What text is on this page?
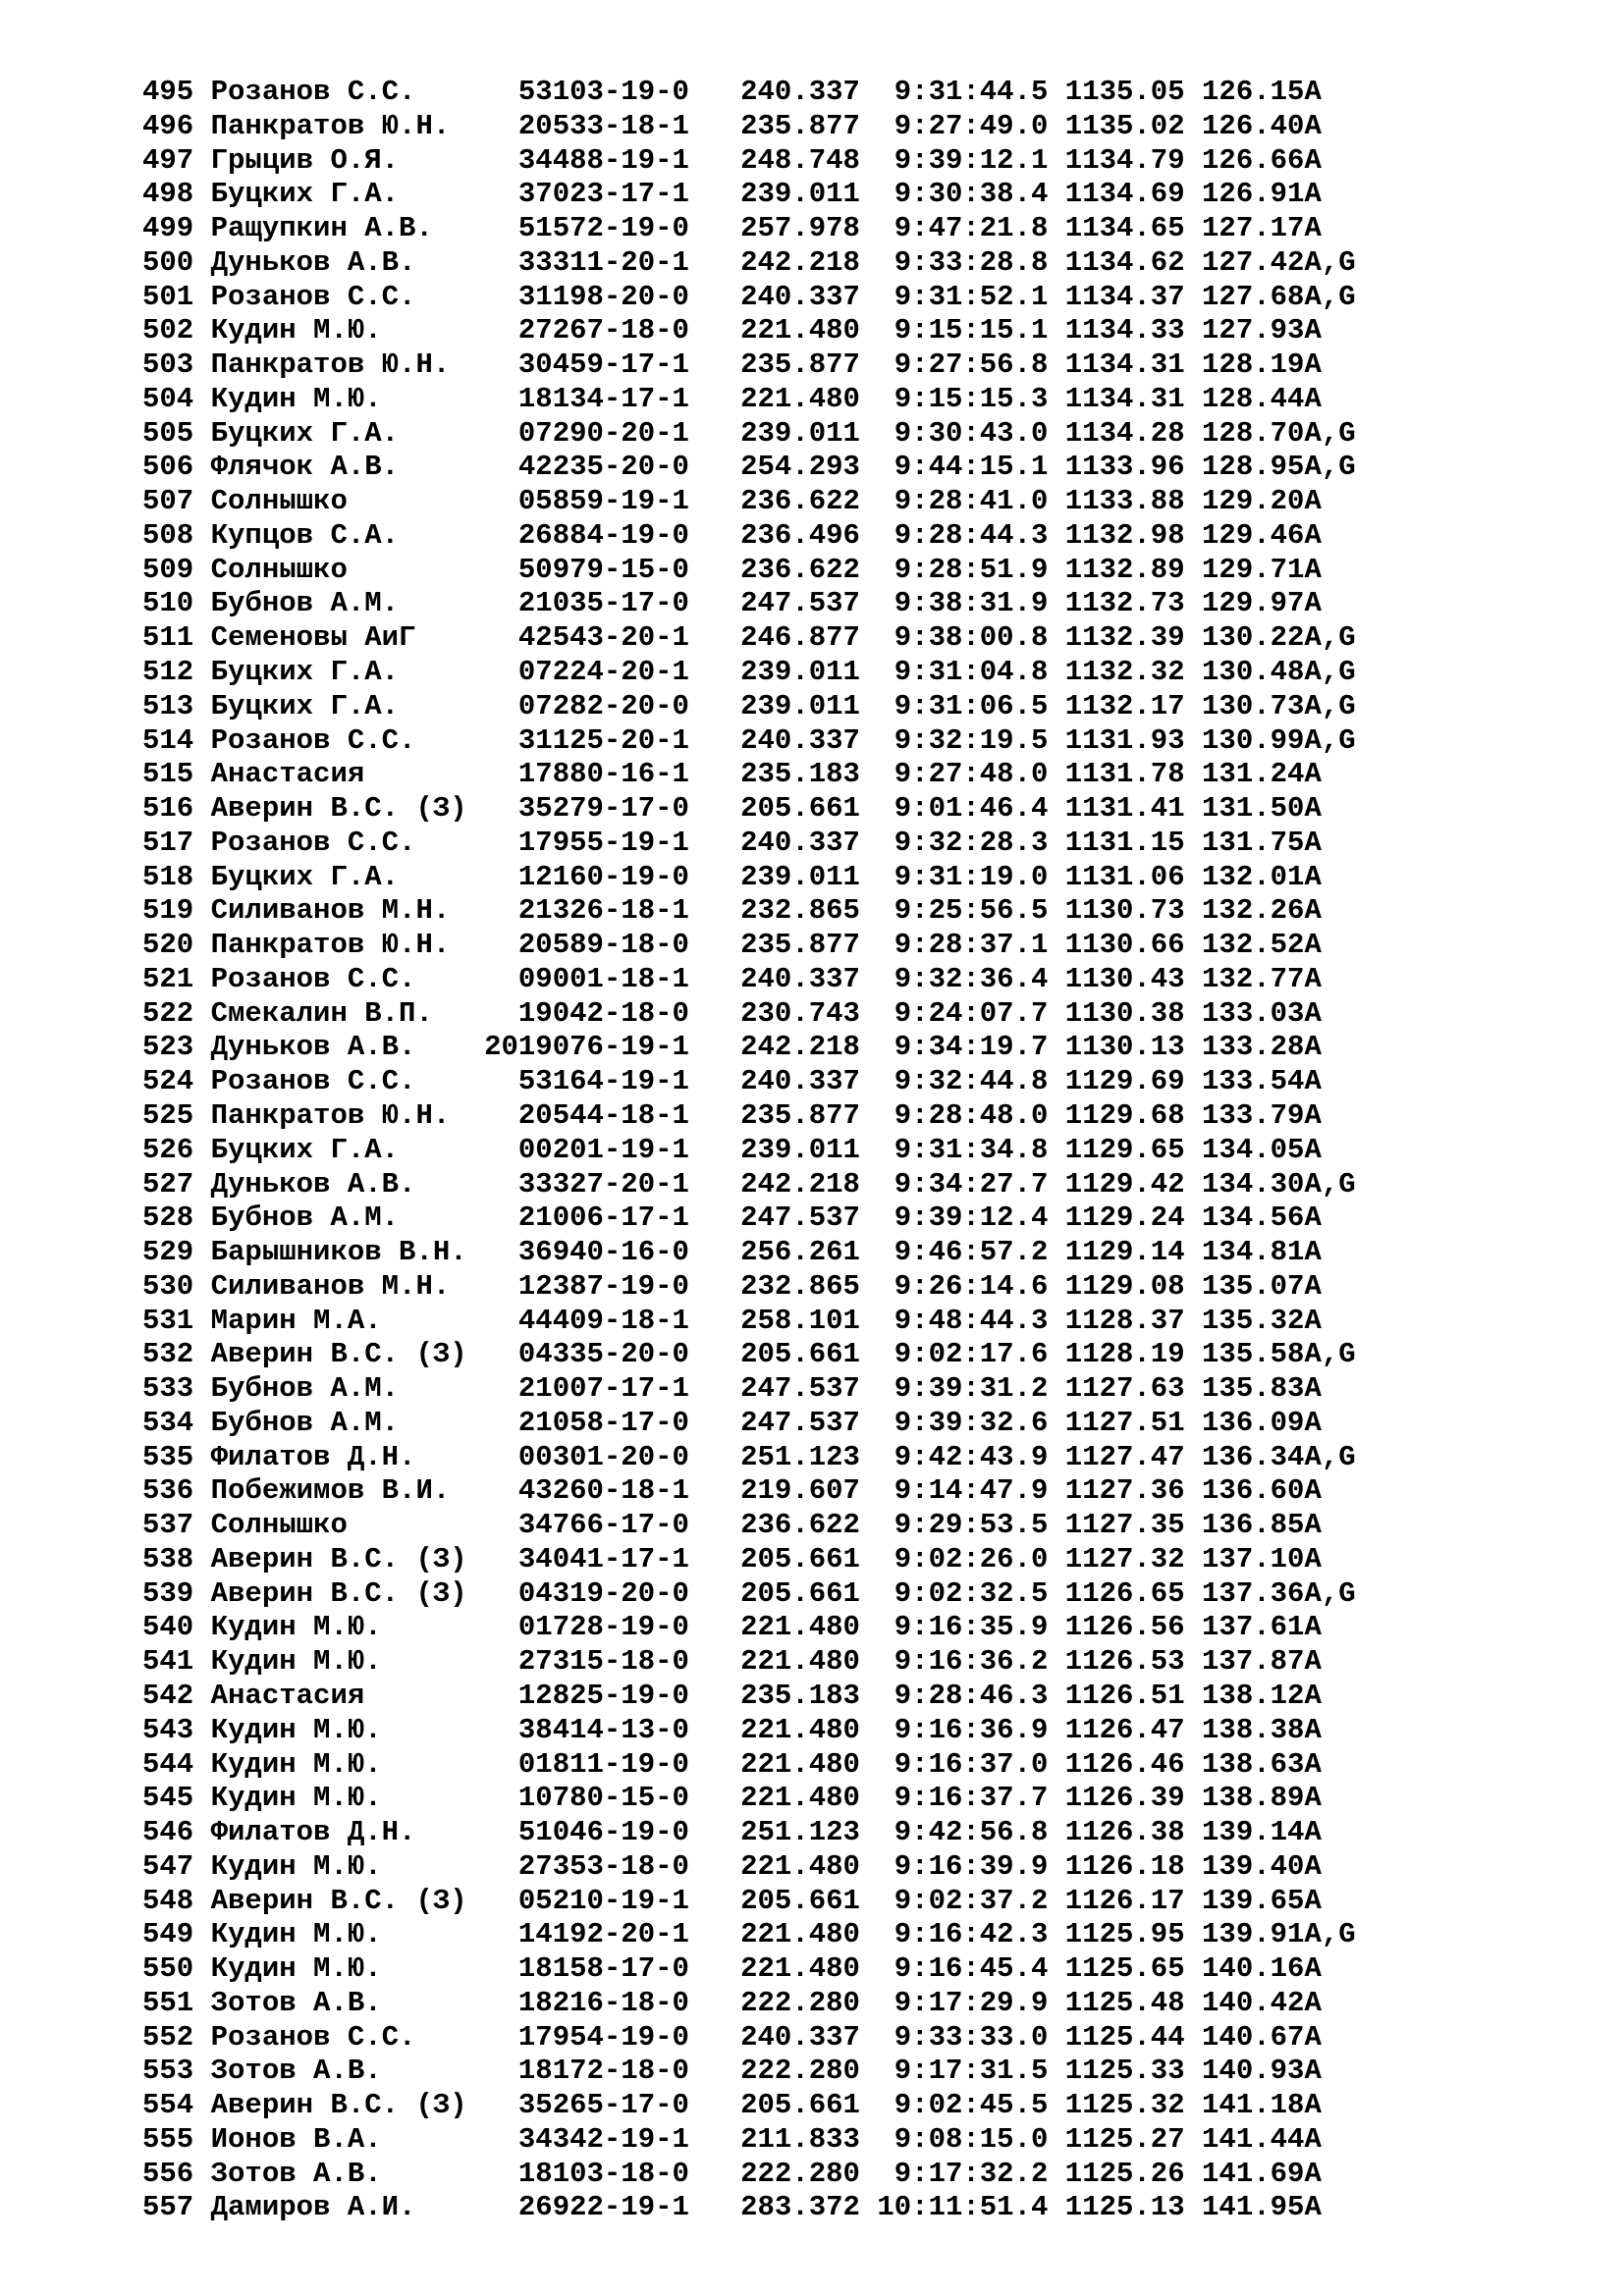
495 Розанов С.С.      53103-19-0   240.337  9:31:44.5 1135.05 126.15A
496 Панкратов Ю.Н.    20533-18-1   235.877  9:27:49.0 1135.02 126.40A
497 Грыцив О.Я.       34488-19-1   248.748  9:39:12.1 1134.79 126.66A
498 Буцких Г.А.       37023-17-1   239.011  9:30:38.4 1134.69 126.91A
499 Ращупкин А.В.     51572-19-0   257.978  9:47:21.8 1134.65 127.17A
500 Дуньков А.В.      33311-20-1   242.218  9:33:28.8 1134.62 127.42A,G
501 Розанов С.С.      31198-20-0   240.337  9:31:52.1 1134.37 127.68A,G
502 Кудин М.Ю.        27267-18-0   221.480  9:15:15.1 1134.33 127.93A
503 Панкратов Ю.Н.    30459-17-1   235.877  9:27:56.8 1134.31 128.19A
504 Кудин М.Ю.        18134-17-1   221.480  9:15:15.3 1134.31 128.44A
505 Буцких Г.А.       07290-20-1   239.011  9:30:43.0 1134.28 128.70A,G
506 Флячок А.В.       42235-20-0   254.293  9:44:15.1 1133.96 128.95A,G
507 Солнышко          05859-19-1   236.622  9:28:41.0 1133.88 129.20A
508 Купцов С.А.       26884-19-0   236.496  9:28:44.3 1132.98 129.46A
509 Солнышко          50979-15-0   236.622  9:28:51.9 1132.89 129.71A
510 Бубнов А.М.       21035-17-0   247.537  9:38:31.9 1132.73 129.97A
511 Семеновы АиГ      42543-20-1   246.877  9:38:00.8 1132.39 130.22A,G
512 Буцких Г.А.       07224-20-1   239.011  9:31:04.8 1132.32 130.48A,G
513 Буцких Г.А.       07282-20-0   239.011  9:31:06.5 1132.17 130.73A,G
514 Розанов С.С.      31125-20-1   240.337  9:32:19.5 1131.93 130.99A,G
515 Анастасия         17880-16-1   235.183  9:27:48.0 1131.78 131.24A
516 Аверин В.С. (З)   35279-17-0   205.661  9:01:46.4 1131.41 131.50A
517 Розанов С.С.      17955-19-1   240.337  9:32:28.3 1131.15 131.75A
518 Буцких Г.А.       12160-19-0   239.011  9:31:19.0 1131.06 132.01A
519 Силиванов М.Н.    21326-18-1   232.865  9:25:56.5 1130.73 132.26A
520 Панкратов Ю.Н.    20589-18-0   235.877  9:28:37.1 1130.66 132.52A
521 Розанов С.С.      09001-18-1   240.337  9:32:36.4 1130.43 132.77A
522 Смекалин В.П.     19042-18-0   230.743  9:24:07.7 1130.38 133.03A
523 Дуньков А.В.    2019076-19-1   242.218  9:34:19.7 1130.13 133.28A
524 Розанов С.С.      53164-19-1   240.337  9:32:44.8 1129.69 133.54A
525 Панкратов Ю.Н.    20544-18-1   235.877  9:28:48.0 1129.68 133.79A
526 Буцких Г.А.       00201-19-1   239.011  9:31:34.8 1129.65 134.05A
527 Дуньков А.В.      33327-20-1   242.218  9:34:27.7 1129.42 134.30A,G
528 Бубнов А.М.       21006-17-1   247.537  9:39:12.4 1129.24 134.56A
529 Барышников В.Н.   36940-16-0   256.261  9:46:57.2 1129.14 134.81A
530 Силиванов М.Н.    12387-19-0   232.865  9:26:14.6 1129.08 135.07A
531 Марин М.А.        44409-18-1   258.101  9:48:44.3 1128.37 135.32A
532 Аверин В.С. (З)   04335-20-0   205.661  9:02:17.6 1128.19 135.58A,G
533 Бубнов А.М.       21007-17-1   247.537  9:39:31.2 1127.63 135.83A
534 Бубнов А.М.       21058-17-0   247.537  9:39:32.6 1127.51 136.09A
535 Филатов Д.Н.      00301-20-0   251.123  9:42:43.9 1127.47 136.34A,G
536 Побежимов В.И.    43260-18-1   219.607  9:14:47.9 1127.36 136.60A
537 Солнышко          34766-17-0   236.622  9:29:53.5 1127.35 136.85A
538 Аверин В.С. (З)   34041-17-1   205.661  9:02:26.0 1127.32 137.10A
539 Аверин В.С. (З)   04319-20-0   205.661  9:02:32.5 1126.65 137.36A,G
540 Кудин М.Ю.        01728-19-0   221.480  9:16:35.9 1126.56 137.61A
541 Кудин М.Ю.        27315-18-0   221.480  9:16:36.2 1126.53 137.87A
542 Анастасия         12825-19-0   235.183  9:28:46.3 1126.51 138.12A
543 Кудин М.Ю.        38414-13-0   221.480  9:16:36.9 1126.47 138.38A
544 Кудин М.Ю.        01811-19-0   221.480  9:16:37.0 1126.46 138.63A
545 Кудин М.Ю.        10780-15-0   221.480  9:16:37.7 1126.39 138.89A
546 Филатов Д.Н.      51046-19-0   251.123  9:42:56.8 1126.38 139.14A
547 Кудин М.Ю.        27353-18-0   221.480  9:16:39.9 1126.18 139.40A
548 Аверин В.С. (З)   05210-19-1   205.661  9:02:37.2 1126.17 139.65A
549 Кудин М.Ю.        14192-20-1   221.480  9:16:42.3 1125.95 139.91A,G
550 Кудин М.Ю.        18158-17-0   221.480  9:16:45.4 1125.65 140.16A
551 Зотов А.В.        18216-18-0   222.280  9:17:29.9 1125.48 140.42A
552 Розанов С.С.      17954-19-0   240.337  9:33:33.0 1125.44 140.67A
553 Зотов А.В.        18172-18-0   222.280  9:17:31.5 1125.33 140.93A
554 Аверин В.С. (З)   35265-17-0   205.661  9:02:45.5 1125.32 141.18A
555 Ионов В.А.        34342-19-1   211.833  9:08:15.0 1125.27 141.44A
556 Зотов А.В.        18103-18-0   222.280  9:17:32.2 1125.26 141.69A
557 Дамиров А.И.      26922-19-1   283.372 10:11:51.4 1125.13 141.95A
